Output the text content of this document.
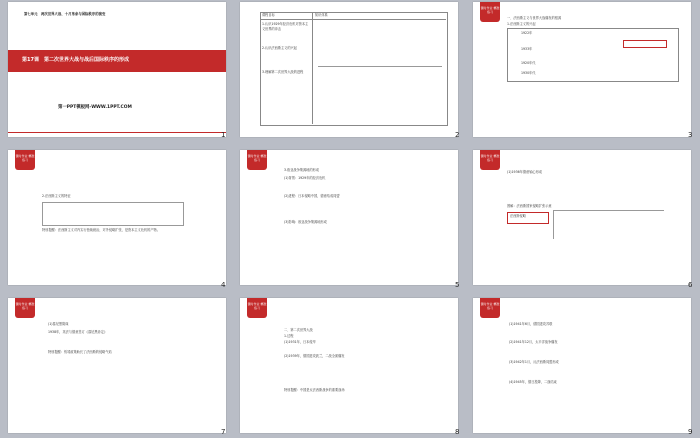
第七单元　两次世界大战、十月革命与国际秩序的演变
第17课　第二次世界大战与战后国际秩序的形成
第一PPT模板网-WWW.1PPT.COM
1
课程目标	知识体系
1.认识1929年经济危机对资本主义世界的冲击
2.认识法西斯主义的兴起
3.理解第二次世界大战的进程
2
课时作业 精准练习
一、法西斯主义与世界大战爆发的根源
1.法西斯主义的兴起
1922年
1933年
1920年代
1930年代
3
课时作业 精准练习
2.法西斯主义的特征
特别提醒：法西斯主义对内实行独裁统治，对外侵略扩张，是资本主义危机的产物。
4
课时作业 精准练习
3.欧亚战争策源地的形成
(1)背景：1929年的经济危机
(2)进程：日本侵略中国，德意结成同盟
(3)影响：欧亚战争策源地形成
5
课时作业 精准练习
(1)1936年德意轴心形成
图解：法西斯国家侵略扩张示意
法西斯侵略
6
课时作业 精准练习
(1)慕尼黑阴谋
1938年，英法与德意签订《慕尼黑协定》
特别提醒：绥靖政策助长了法西斯的侵略气焰
7
课时作业 精准练习
二、第二次世界大战
1.过程
(1)1931年，日本侵华
(2)1939年，德国进攻波兰，二战全面爆发
特别提醒：中国是反法西斯战争的重要战场
8
课时作业 精准练习
(1)1941年6月，德国进攻苏联
(2)1941年12月，太平洋战争爆发
(3)1942年1月，反法西斯同盟形成
(4)1945年，德日投降，二战结束
9
